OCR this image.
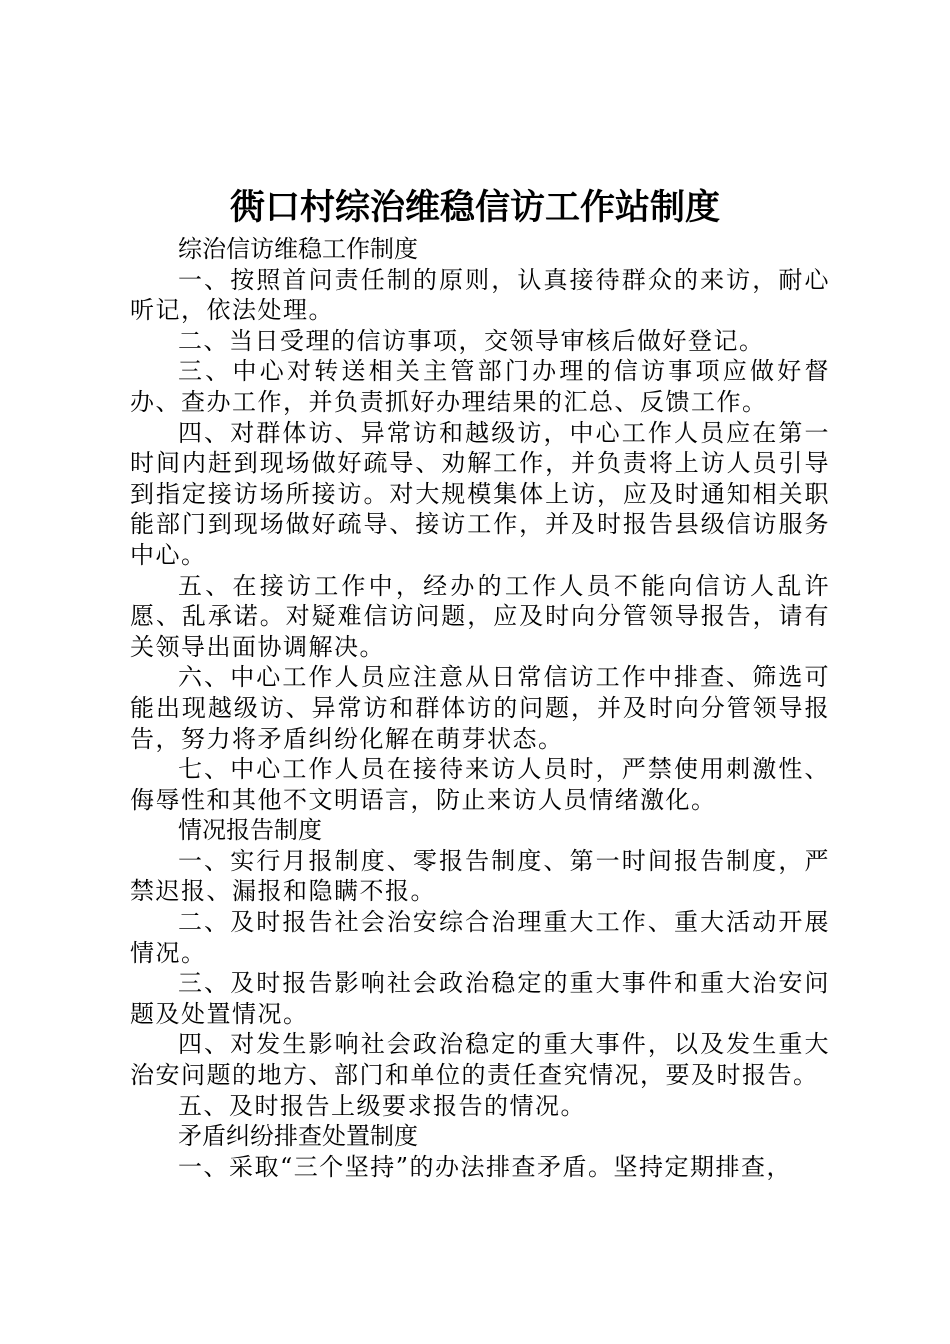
衖口村综治维稳信访工作站制度

综治信访维稳工作制度

一、按照首问责任制的原则，认真接待群众的来访，耐心听记，依法处理。

二、当日受理的信访事项，交领导审核后做好登记。

三、中心对转送相关主管部门办理的信访事项应做好督办、查办工作，并负责抓好办理结果的汇总、反馈工作。

四、对群体访、异常访和越级访，中心工作人员应在第一时间内赶到现场做好疏导、劝解工作，并负责将上访人员引导到指定接访场所接访。对大规模集体上访，应及时通知相关职能部门到现场做好疏导、接访工作，并及时报告县级信访服务中心。

五、在接访工作中，经办的工作人员不能向信访人乱许愿、乱承诺。对疑难信访问题，应及时向分管领导报告，请有关领导出面协调解决。

六、中心工作人员应注意从日常信访工作中排查、筛选可能出现越级访、异常访和群体访的问题，并及时向分管领导报告，努力将矛盾纠纷化解在萌芽状态。

七、中心工作人员在接待来访人员时，严禁使用刺激性、侮辱性和其他不文明语言，防止来访人员情绪激化。

情况报告制度

一、实行月报制度、零报告制度、第一时间报告制度，严禁迟报、漏报和隐瞒不报。

二、及时报告社会治安综合治理重大工作、重大活动开展情况。

三、及时报告影响社会政治稳定的重大事件和重大治安问题及处置情况。

四、对发生影响社会政治稳定的重大事件，以及发生重大治安问题的地方、部门和单位的责任查究情况，要及时报告。

五、及时报告上级要求报告的情况。

矛盾纠纷排查处置制度

一、采取“三个坚持”的办法排查矛盾。坚持定期排查，
